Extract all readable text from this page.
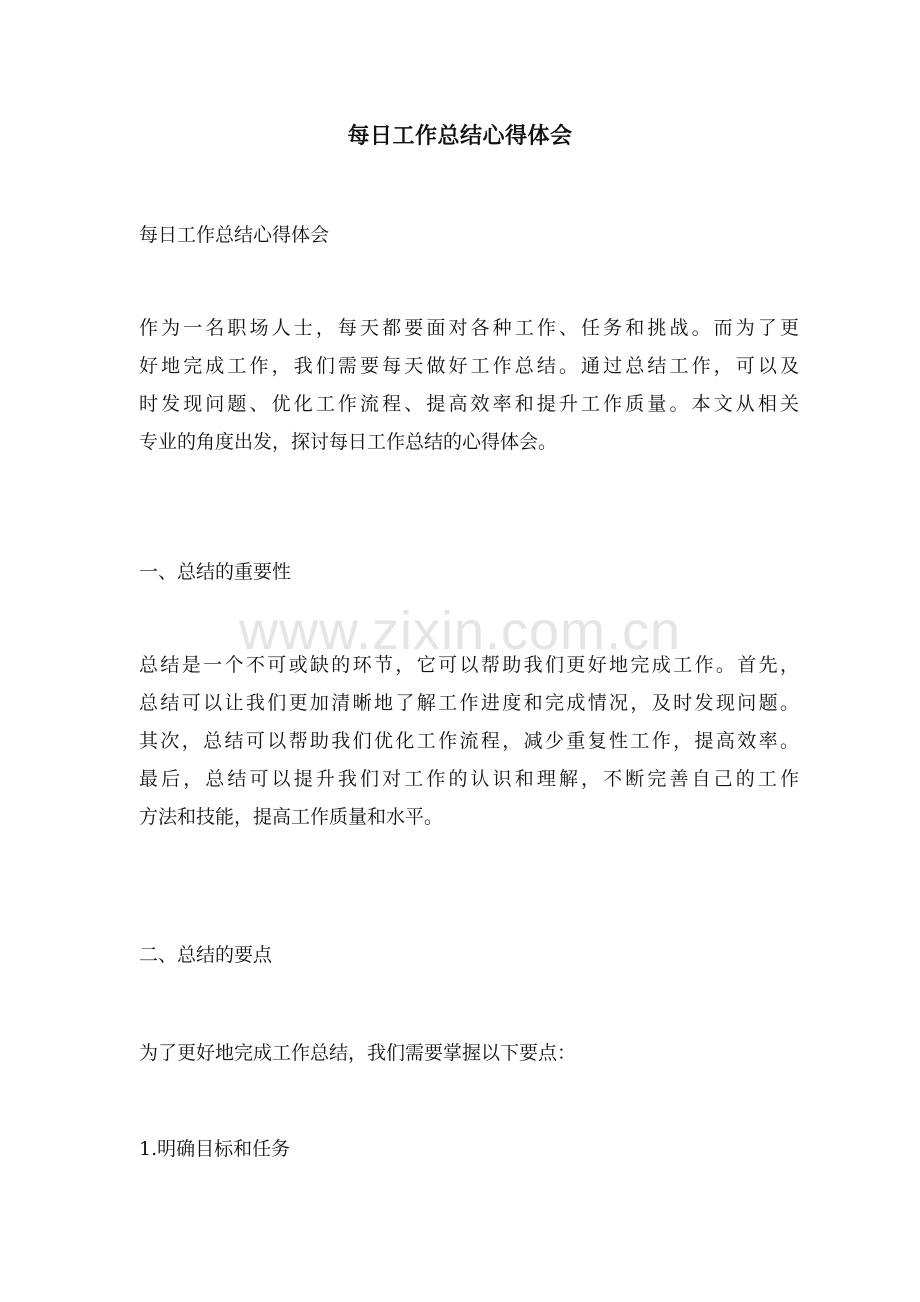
每日工作总结心得体会
每日工作总结心得体会
作为一名职场人士，每天都要面对各种工作、任务和挑战。而为了更
好地完成工作，我们需要每天做好工作总结。通过总结工作，可以及
时发现问题、优化工作流程、提高效率和提升工作质量。本文从相关
专业的角度出发，探讨每日工作总结的心得体会。
一、总结的重要性
总结是一个不可或缺的环节，它可以帮助我们更好地完成工作。首先，
总结可以让我们更加清晰地了解工作进度和完成情况，及时发现问题。
其次，总结可以帮助我们优化工作流程，减少重复性工作，提高效率。
最后，总结可以提升我们对工作的认识和理解，不断完善自己的工作
方法和技能，提高工作质量和水平。
二、总结的要点
为了更好地完成工作总结，我们需要掌握以下要点：
1.明确目标和任务
www.zixin.com.cn
